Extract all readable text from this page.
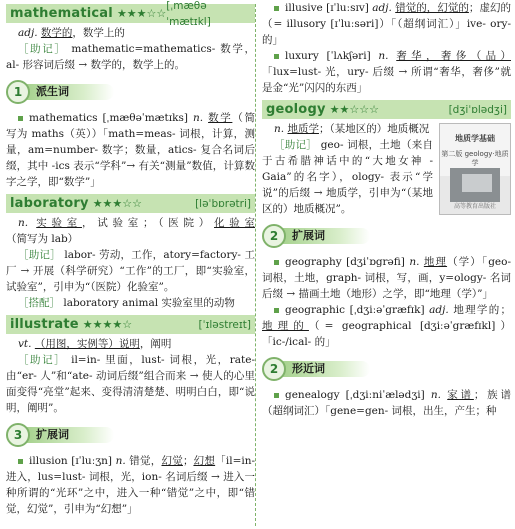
mathematical ★★★☆☆
[ˌmæθəˈmætɪkl]

adj. 数学的，数学上的

［助记］ mathematic=mathematics- 数学，al- 形容词后缀 → 数学的，数学上的。

1	派生词

mathematics [ˌmæθəˈmætɪks] n. 数学（简写为 maths（英））「math=meas- 词根，计算，测量，am=number- 数字；数量，atics- 复合名词后缀，其中 -ics 表示“学科”→ 有关“测量”数值，计算数字之学，即“数学”」

laboratory ★★★☆☆	[ləˈbɒrətri]

n. 实验室，试验室；（医院）化验室（简写为 lab）

［助记］ labor- 劳动，工作，atory=factory- 工厂 → 开展（科学研究）“工作”的工厂，即“实验室，试验室”，引申为“（医院）化验室”。

［搭配］ laboratory animal 实验室里的动物

illustrate ★★★★☆	[ˈɪləstreɪt]

vt. （用图，实例等）说明，阐明

［助记］ il=in- 里面，lust- 词根，光，rate- 由“er- 人”和“ate- 动词后缀”组合而来 → 使人的心里面变得“亮堂”起来、变得清清楚楚、明明白白，即“说明，阐明”。

3	扩展词

illusion [ɪˈluːʒn] n. 错觉，幻觉；幻想「il=in- 进入，lus=lust- 词根，光，ion- 名词后缀 → 进入一种所谓的“光环”之中，进入一种“错觉”之中，即“错觉，幻觉”，引申为“幻想”」

illusive [ɪˈluːsɪv] adj. 错觉的，幻觉的；虚幻的（= illusory [ɪˈluːsəri]）「（超纲词汇）」ive- ory- 的」

luxury [ˈlʌkʃəri] n. 奢华，奢侈（品）「lux=lust- 光，ury- 后缀 → 所谓“奢华，奢侈”就是金“光”闪闪的东西」

geology ★★☆☆☆	[dʒiˈɒlədʒi]
地质学基础
第二版 geology·地质学
高等教育出版社

n. 地质学；（某地区的）地质概况

［助记］ geo- 词根，土地（来自于古希腊神话中的“大地女神 -Gaia”的名字），ology- 表示“学说”的后缀 → 地质学，引申为“（某地区的）地质概况”。

2	扩展词

geography [dʒiˈɒgrəfi] n. 地理（学）「geo- 词根，土地，graph- 词根，写，画，y=ology- 名词后缀 → 描画土地（地形）之学，即“地理（学）”」

geographic [ˌdʒiːəˈgræfɪk] adj. 地理学的；地理的（= geographical [dʒiːəˈgræfɪkl]）「ic-/ical- 的」

2	形近词

genealogy [ˌdʒiːniˈælədʒi] n. 家谱；族谱（超纲词汇）「gene=gen- 词根，出生，产生；种
